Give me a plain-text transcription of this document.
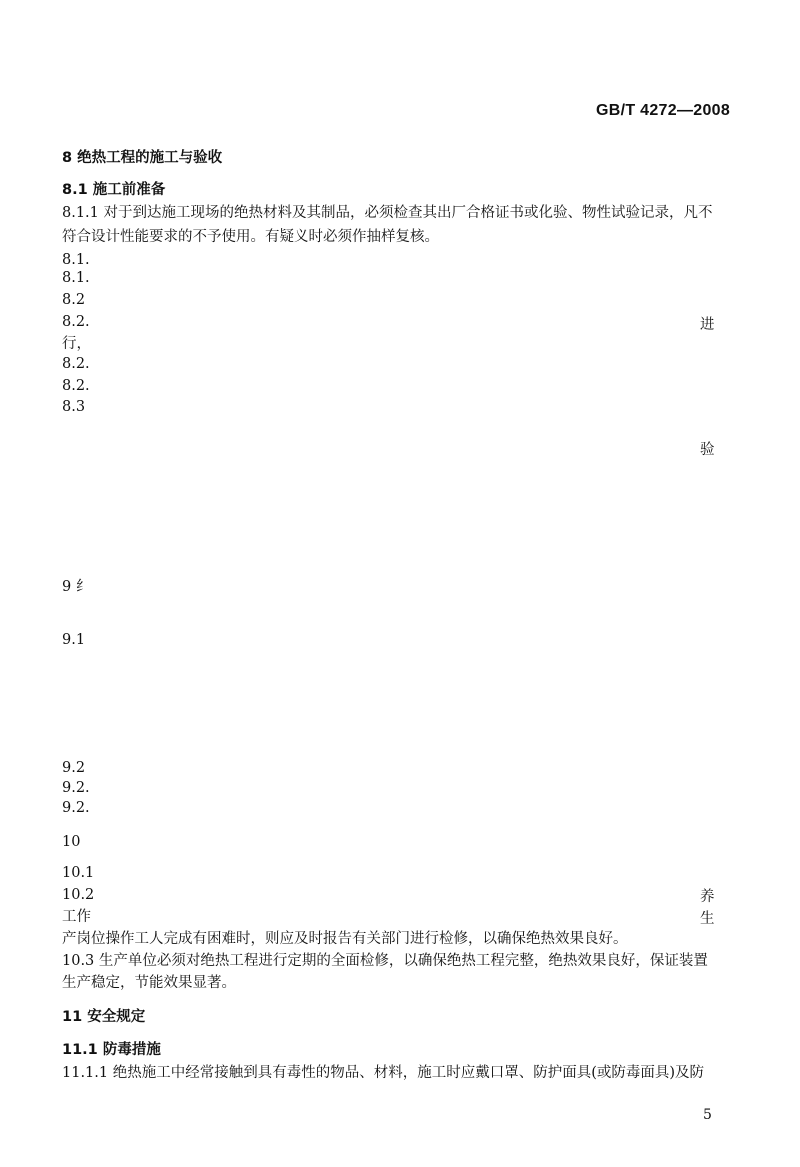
GB/T 4272—2008
8 绝热工程的施工与验收
8.1 施工前准备
8.1.1 对于到达施工现场的绝热材料及其制品，必须检查其出厂合格证书或化验、物性试验记录，凡不
符合设计性能要求的不予使用。有疑义时必须作抽样复核。
8.1.
8.1.
8.2
8.2.	进
行，
8.2.
8.2.
8.3
验
9 纟
9.1
9.2
9.2.
9.2.
10
10.1
10.2	养
工作	生
产岗位操作工人完成有困难时，则应及时报告有关部门进行检修，以确保绝热效果良好。
10.3 生产单位必须对绝热工程进行定期的全面检修，以确保绝热工程完整，绝热效果良好，保证装置
生产稳定，节能效果显著。
11 安全规定
11.1 防毒措施
11.1.1 绝热施工中经常接触到具有毒性的物品、材料，施工时应戴口罩、防护面具(或防毒面具)及防
5
